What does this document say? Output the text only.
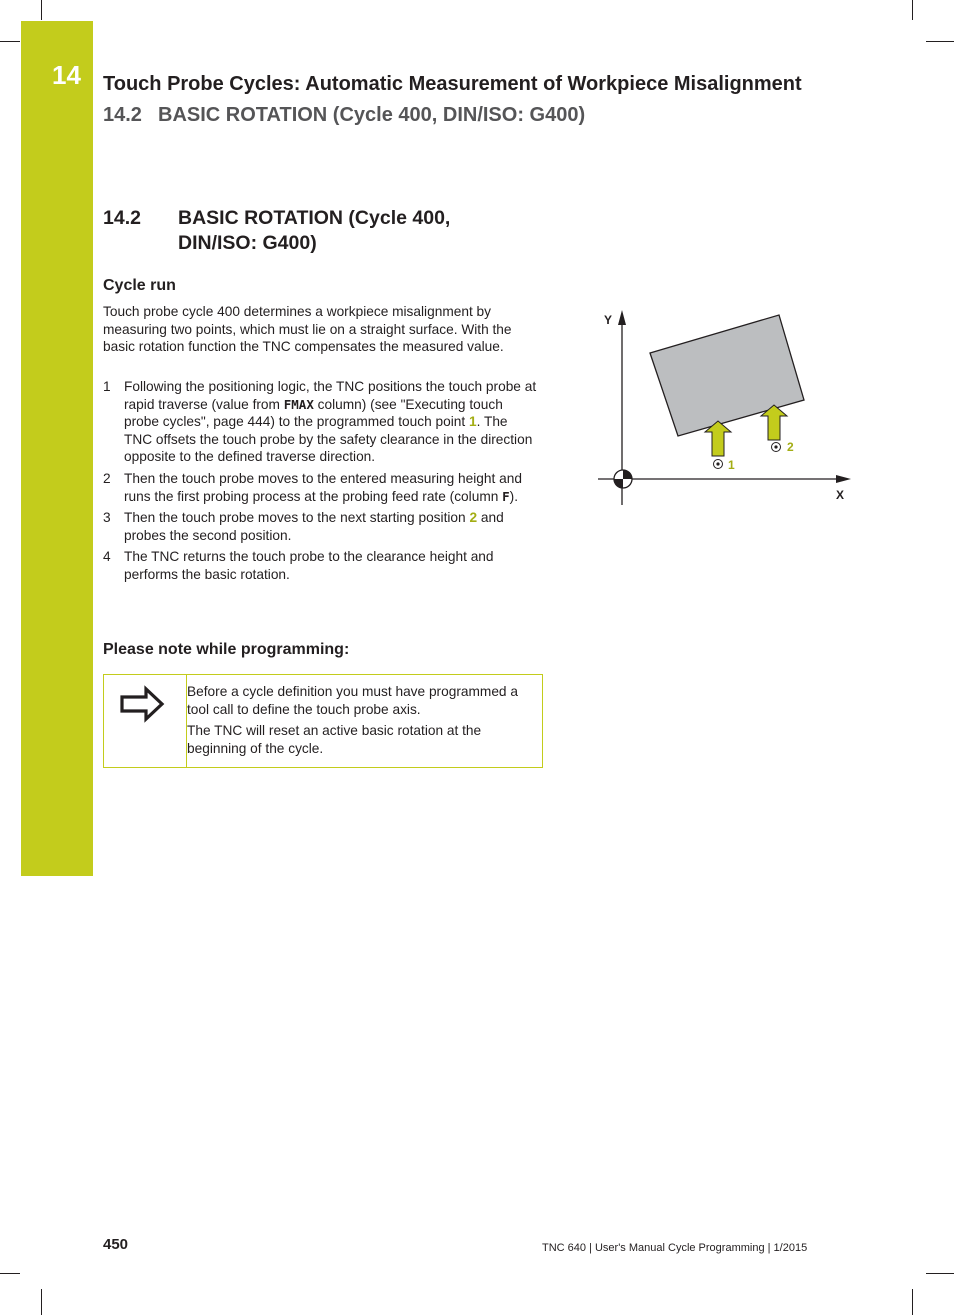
14 Touch Probe Cycles: Automatic Measurement of Workpiece Misalignment
14.2 BASIC ROTATION (Cycle 400, DIN/ISO: G400)
14.2 BASIC ROTATION (Cycle 400,
DIN/ISO: G400)
Cycle run
Touch probe cycle 400 determines a workpiece misalignment by measuring two points, which must lie on a straight surface. With the basic rotation function the TNC compensates the measured value.
1 Following the positioning logic, the TNC positions the touch probe at rapid traverse (value from FMAX column) (see "Executing touch probe cycles", page 444) to the programmed touch point 1. The TNC offsets the touch probe by the safety clearance in the direction opposite to the defined traverse direction.
2 Then the touch probe moves to the entered measuring height and runs the first probing process at the probing feed rate (column F).
3 Then the touch probe moves to the next starting position 2 and probes the second position.
4 The TNC returns the touch probe to the clearance height and performs the basic rotation.
Please note while programming:

Before a cycle definition you must have programmed a tool call to define the touch probe axis.

The TNC will reset an active basic rotation at the beginning of the cycle.

Y
X
1
2
450	TNC 640 | User's Manual Cycle Programming | 1/2015
